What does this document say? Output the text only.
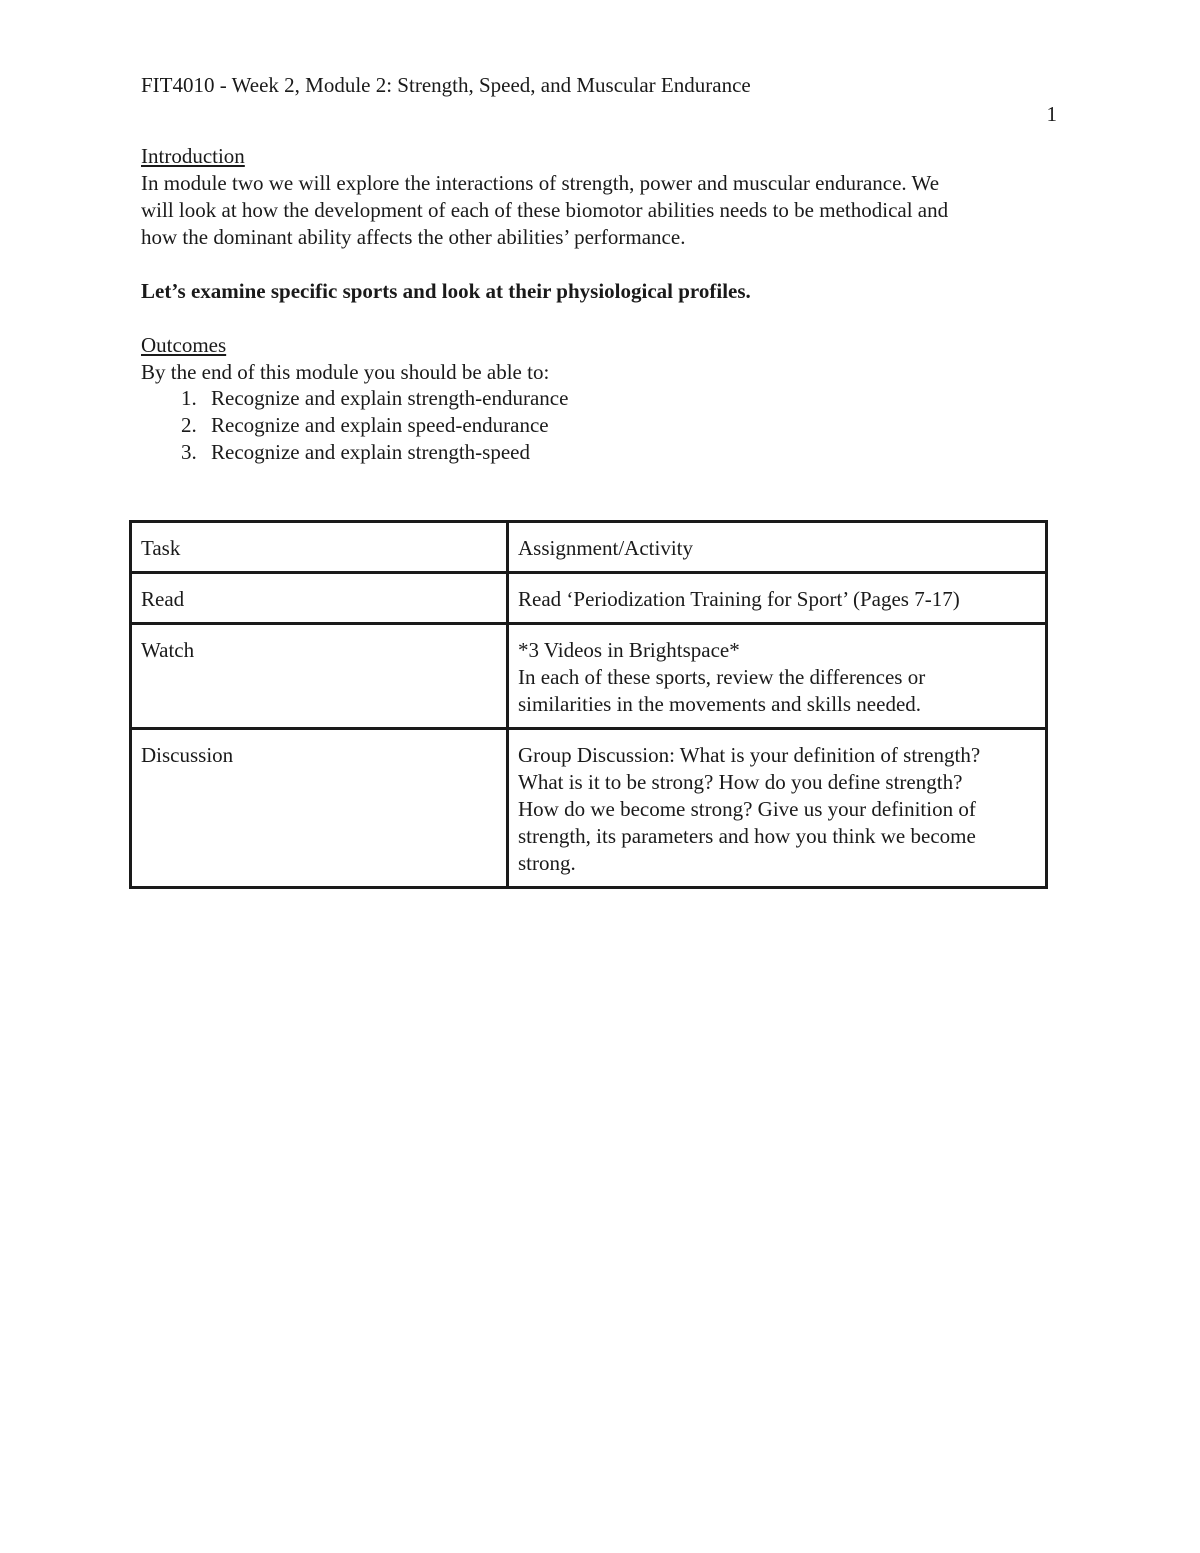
FIT4010 - Week 2, Module 2: Strength, Speed, and Muscular Endurance
1
Introduction
In module two we will explore the interactions of strength, power and muscular endurance. We
will look at how the development of each of these biomotor abilities needs to be methodical and
how the dominant ability affects the other abilities’ performance.
Let’s examine specific sports and look at their physiological profiles.
Outcomes
By the end of this module you should be able to:
1. Recognize and explain strength-endurance
2. Recognize and explain speed-endurance
3. Recognize and explain strength-speed
Task	Assignment/Activity
Read	Read ‘Periodization Training for Sport’ (Pages 7-17)

Watch	*3 Videos in Brightspace*
In each of these sports, review the differences or
similarities in the movements and skills needed.

Discussion	Group Discussion: What is your definition of strength?
What is it to be strong? How do you define strength?
How do we become strong? Give us your definition of
strength, its parameters and how you think we become
strong.
